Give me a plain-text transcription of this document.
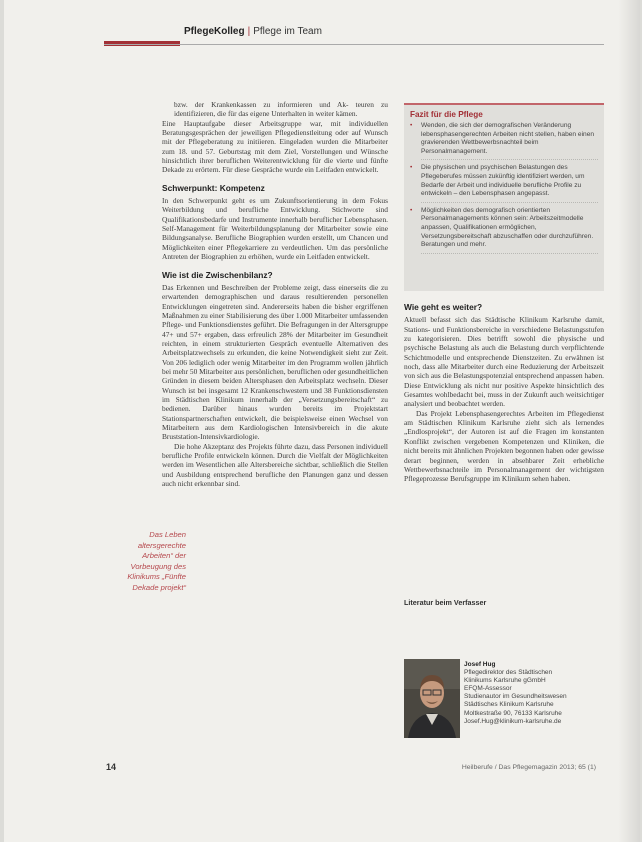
PflegeKolleg | Pflege im Team

bzw. der Krankenkassen zu informieren und Ak- teuren zu identifizieren, die für das eigene Unterhalten in weiter kämen.

Eine Hauptaufgabe dieser Arbeitsgruppe war, mit individuellen Beratungsgesprächen der jeweiligen Pflegedienstleitung oder auf Wunsch mit der Pflegeberatung zu initiieren. Eingeladen wurden die Mitarbeiter zum 18. und 57. Geburtstag mit dem Ziel, Vorstellungen und Wünsche hinsichtlich ihrer beruflichen Weiterentwicklung für die vierte und fünfte Dekade zu erörtern. Für diese Gespräche wurde ein Leitfaden entwickelt.

Schwerpunkt: Kompetenz

In den Schwerpunkt geht es um Zukunftsorientierung in dem Fokus Weiterbildung und berufliche Entwicklung. Stichworte sind Qualifikationsbedarfe und Instrumente innerhalb beruflicher Lebensphasen. Self-Management für Weiterbildungsplanung der Mitarbeiter sowie eine Bildungsanalyse. Berufliche Biographien wurden erstellt, um Chancen und Möglichkeiten einer Pflegekarriere zu verdeutlichen. Um das persönliche Antreten der Biographien zu erhöhen, wurde ein Leitfaden entwickelt.

Wie ist die Zwischenbilanz?

Das Erkennen und Beschreiben der Probleme zeigt, dass einerseits die zu erwartenden demographischen und daraus resultierenden personellen Entwicklungen eingetreten sind. Andererseits haben die bisher ergriffenen Maßnahmen zu einer Stabilisierung des über 1.000 Mitarbeiter umfassenden Pflege- und Funktionsdienstes geführt. Die Befragungen in der Altersgruppe 47+ und 57+ ergaben, dass erfreulich 28% der Mitarbeiter im Gesundheit reichten, in einem strukturierten Gespräch eventuelle Alternativen des Arbeitsplatzwechsels zu erkunden, die keine Notwendigkeit sieht zur Zeit. Von 206 lediglich oder wenig Mitarbeiter im den Programm wollen jährlich bei mehr 50 Mitarbeiter aus persönlichen, beruflichen oder gesundheitlichen Gründen in diesem beiden Altersphasen den Arbeitsplatz wechseln. Dieser Wunsch ist bei insgesamt 12 Krankenschwestern und 38 Funktionsdiensten im Städtischen Klinikum innerhalb der „Versetzungsbereitschaft“ zu bedienen. Darüber hinaus wurden bereits im Projektstart Stationspartnerschaften entwickelt, die beispielsweise einen Wechsel von Mitarbeitern aus dem Kardiologischen Intensivbereich in die akute Bruststation-Intensivkardiologie.

Die hohe Akzeptanz des Projekts führte dazu, dass Personen individuell berufliche Profile entwickeln können. Durch die Vielfalt der Möglichkeiten werden im Wesentlichen alle Altersbereiche sichtbar, schließlich die Stellen und Ausbildung entsprechend berufliche den Planungen ganz und dessen auch nicht erkennbar sind.

Das Leben altersgerechte Arbeiten“ der Vorbeugung des Klinikums „Fünfte Dekade projekt“
Fazit für die Pflege
• Wenden, die sich der demografischen Veränderung lebensphasengerechten Arbeiten nicht stellen, haben einen gravierenden Wettbewerbsnachteil beim Personalmanagement.
• Die physischen und psychischen Belastungen des Pflegeberufes müssen zukünftig identifiziert werden, um Bedarfe der Arbeit und individuelle berufliche Profile zu entwickeln – den Lebensphasen angepasst.
• Möglichkeiten des demografisch orientierten Personalmanagements können sein: Arbeitszeitmodelle anpassen, Qualifikationen ermöglichen, Versetzungsbereitschaft abzuschaffen oder durchzuführen. Beratungen und mehr.
Wie geht es weiter?

Aktuell befasst sich das Städtische Klinikum Karlsruhe damit, Stations- und Funktionsbereiche in verschiedene Belastungsstufen zu kategorisieren. Dies betrifft sowohl die physische und psychische Belastung als auch die Belastung durch verpflichtende Schichtmodelle und entsprechende Dienstzeiten. Zu erwähnen ist noch, dass alle Mitarbeiter durch eine Reduzierung der Arbeitszeit von sich aus die Belastungspotenzial entsprechend anpassen haben. Diese Entwicklung als nicht nur positive Aspekte hinsichtlich des Gesamtes wohlbedacht bei, muss in der Zukunft auch weitsichtiger analysiert und beobachtet werden.

Das Projekt Lebensphasengerechtes Arbeiten im Pflegedienst am Städtischen Klinikum Karlsruhe zieht sich als lernendes „Endlosprojekt“, der Autoren ist auf die Fragen im konstanten Konflikt zwischen vergebenen Kompetenzen und Kliniken, die nicht bereits mit ähnlichen Projekten begonnen haben oder gewisse derart beginnen, werden in absehbarer Zeit erhebliche Wettbewerbsnachteile im Personalmanagement der wichtigsten Pflegeprozesse Berufsgruppe im Klinikum sehen haben.

Literatur beim Verfasser
Josef Hug
Pflegedirektor des Städtischen
Klinikums Karlsruhe gGmbH
EFQM-Assessor
Studienautor im Gesundheitswesen
Städtisches Klinikum Karlsruhe
Moltkestraße 90, 76133 Karlsruhe
Josef.Hug@klinikum-karlsruhe.de
14	Heilberufe / Das Pflegemagazin 2013; 65 (1)
